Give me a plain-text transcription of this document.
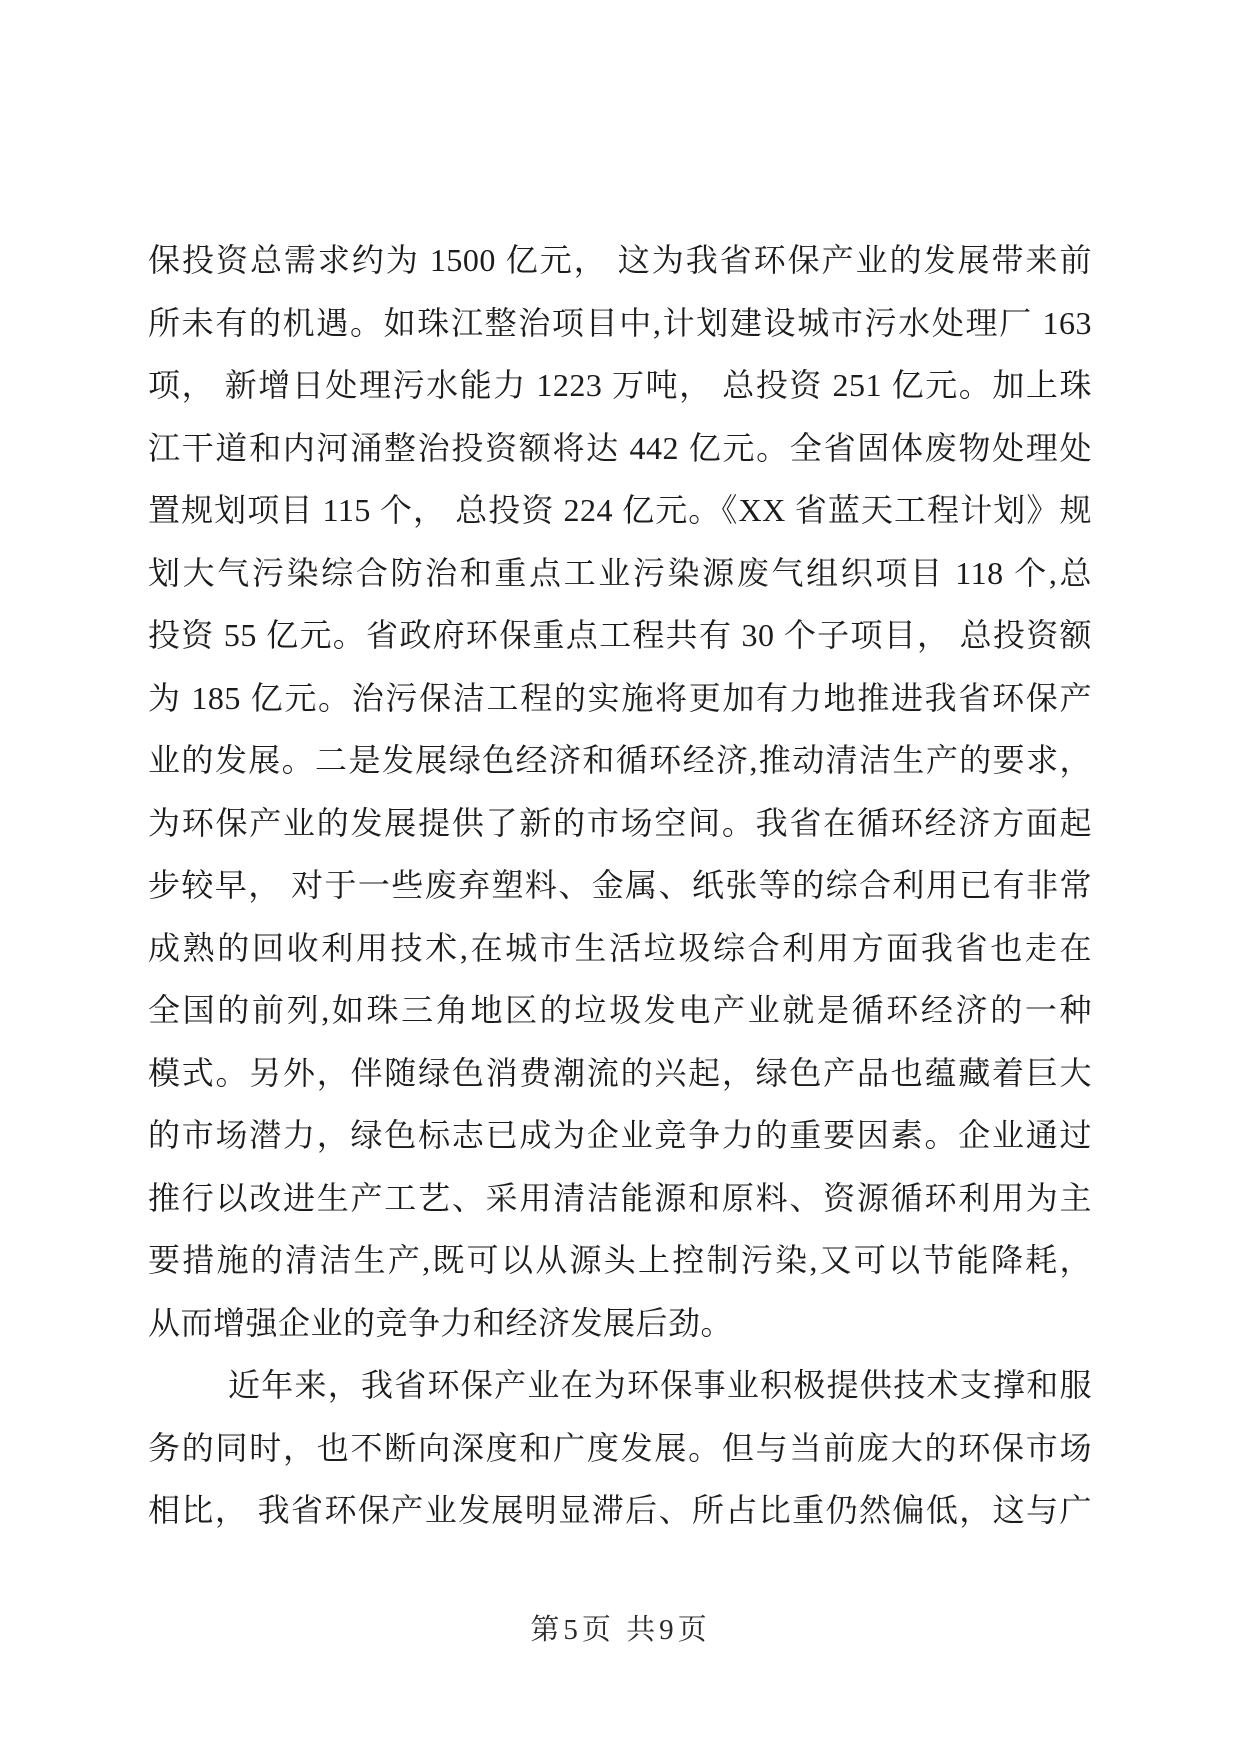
保投资总需求约为 1500 亿元， 这为我省环保产业的发展带来前
所未有的机遇。如珠江整治项目中,计划建设城市污水处理厂 163
项， 新增日处理污水能力 1223 万吨， 总投资 251 亿元。加上珠
江干道和内河涌整治投资额将达 442 亿元。全省固体废物处理处
置规划项目 115 个， 总投资 224 亿元。《XX 省蓝天工程计划》规
划大气污染综合防治和重点工业污染源废气组织项目 118 个,总
投资 55 亿元。省政府环保重点工程共有 30 个子项目， 总投资额
为 185 亿元。治污保洁工程的实施将更加有力地推进我省环保产
业的发展。二是发展绿色经济和循环经济,推动清洁生产的要求，
为环保产业的发展提供了新的市场空间。我省在循环经济方面起
步较早， 对于一些废弃塑料、金属、纸张等的综合利用已有非常
成熟的回收利用技术,在城市生活垃圾综合利用方面我省也走在
全国的前列,如珠三角地区的垃圾发电产业就是循环经济的一种
模式。另外，伴随绿色消费潮流的兴起，绿色产品也蕴藏着巨大
的市场潜力，绿色标志已成为企业竞争力的重要因素。企业通过
推行以改进生产工艺、采用清洁能源和原料、资源循环利用为主
要措施的清洁生产,既可以从源头上控制污染,又可以节能降耗，
从而增强企业的竞争力和经济发展后劲。
近年来，我省环保产业在为环保事业积极提供技术支撑和服
务的同时，也不断向深度和广度发展。但与当前庞大的环保市场
相比， 我省环保产业发展明显滞后、所占比重仍然偏低，这与广
第5页 共9页
